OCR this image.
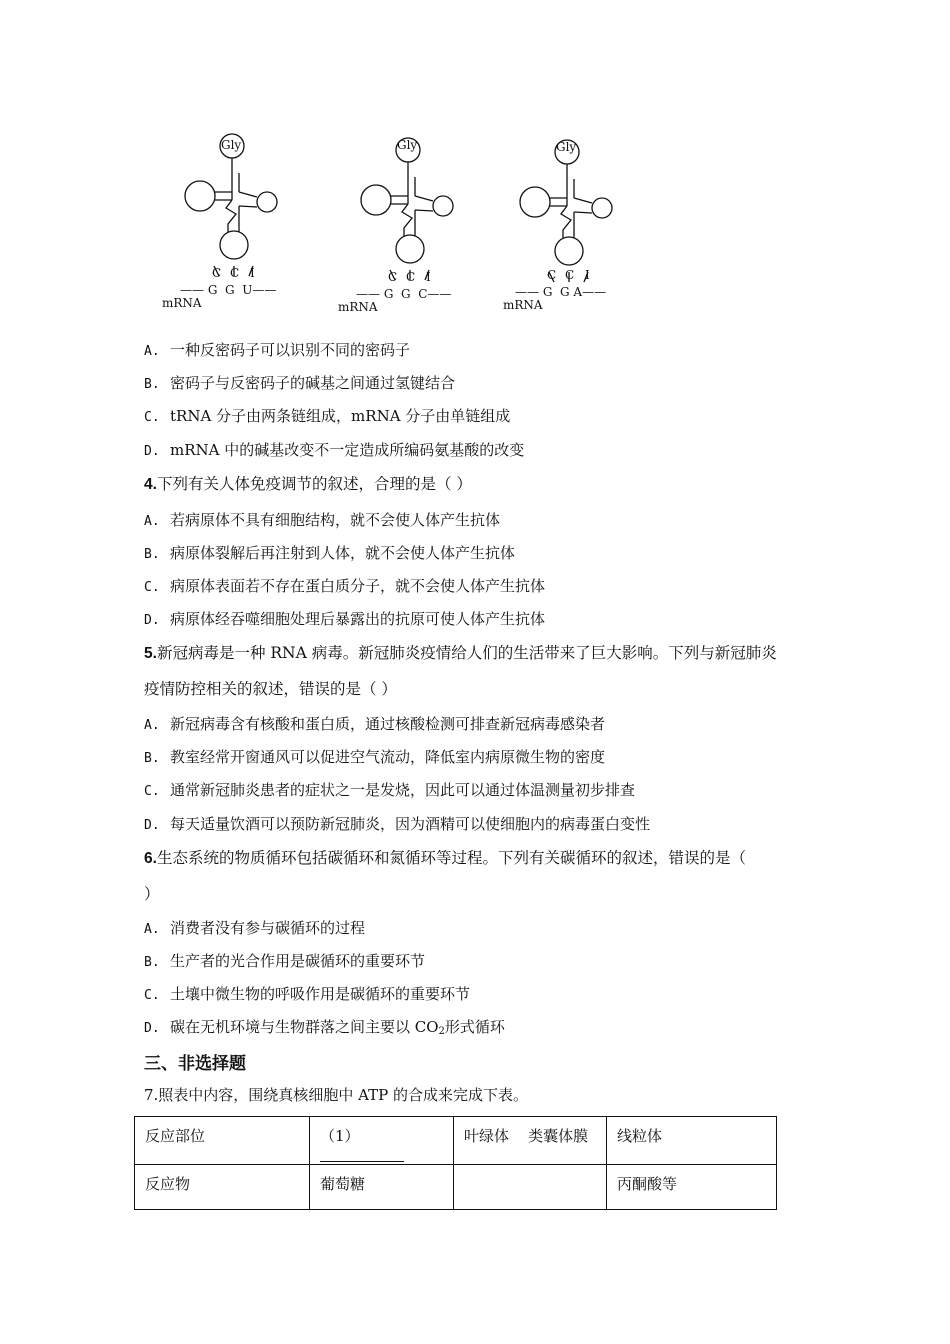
Gly
C C I
—— G  G  U——
mRNA
Gly
C C I
—— G  G  C——
mRNA
Gly
C C I
—— G  G A——
mRNA
A. 一种反密码子可以识别不同的密码子
B. 密码子与反密码子的碱基之间通过氢键结合
C. tRNA 分子由两条链组成，mRNA 分子由单链组成
D. mRNA 中的碱基改变不一定造成所编码氨基酸的改变
4.下列有关人体免疫调节的叙述，合理的是（ ）
A. 若病原体不具有细胞结构，就不会使人体产生抗体
B. 病原体裂解后再注射到人体，就不会使人体产生抗体
C. 病原体表面若不存在蛋白质分子，就不会使人体产生抗体
D. 病原体经吞噬细胞处理后暴露出的抗原可使人体产生抗体
5.新冠病毒是一种 RNA 病毒。新冠肺炎疫情给人们的生活带来了巨大影响。下列与新冠肺炎
疫情防控相关的叙述，错误的是（ ）
A. 新冠病毒含有核酸和蛋白质，通过核酸检测可排查新冠病毒感染者
B. 教室经常开窗通风可以促进空气流动，降低室内病原微生物的密度
C. 通常新冠肺炎患者的症状之一是发烧，因此可以通过体温测量初步排查
D. 每天适量饮酒可以预防新冠肺炎，因为酒精可以使细胞内的病毒蛋白变性
6.生态系统的物质循环包括碳循环和氮循环等过程。下列有关碳循环的叙述，错误的是（
）
A. 消费者没有参与碳循环的过程
B. 生产者的光合作用是碳循环的重要环节
C. 土壤中微生物的呼吸作用是碳循环的重要环节
D. 碳在无机环境与生物群落之间主要以 $CO_2$形式循环
三、非选择题
7.照表中内容，围绕真核细胞中 ATP 的合成来完成下表。
反应部位	（1）	叶绿体    类囊体膜	线粒体
反应物	葡萄糖		丙酮酸等
